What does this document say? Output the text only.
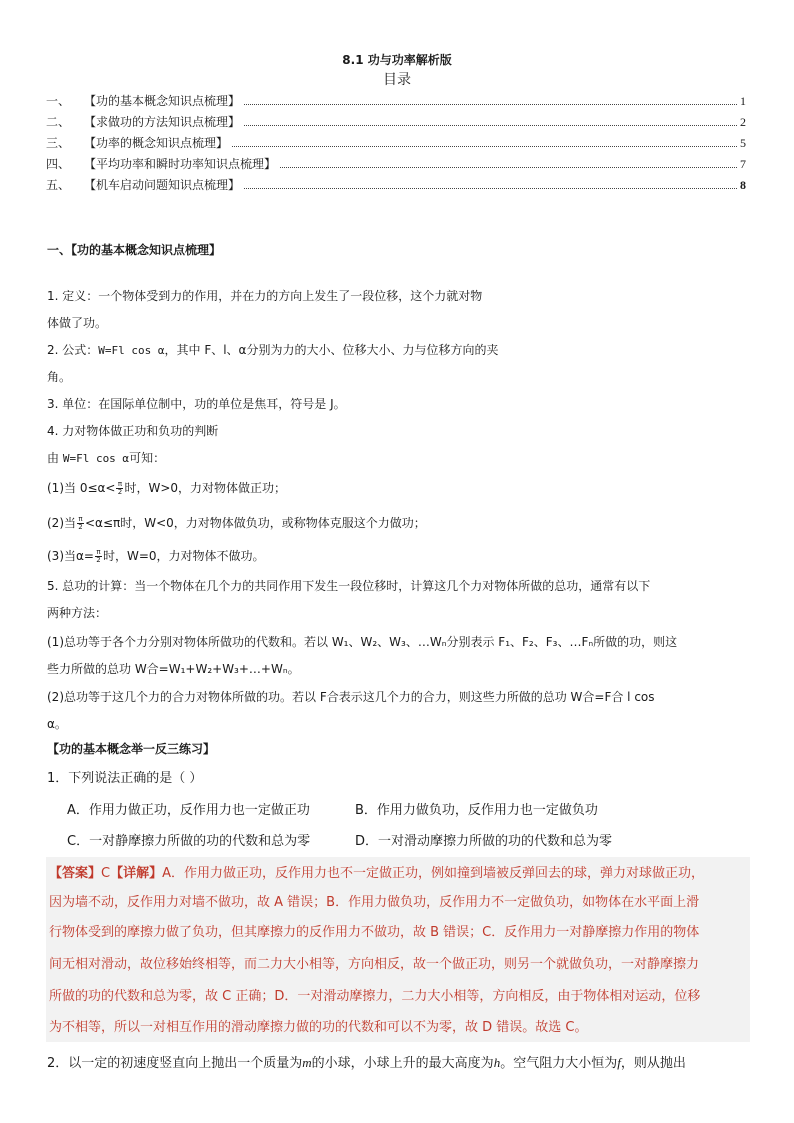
8.1 功与功率解析版
目录
一、	【功的基本概念知识点梳理】	1
二、	【求做功的方法知识点梳理】	2
三、	【功率的概念知识点梳理】	5
四、	【平均功率和瞬时功率知识点梳理】	7
五、	【机车启动问题知识点梳理】	8
一、【功的基本概念知识点梳理】
1. 定义：一个物体受到力的作用，并在力的方向上发生了一段位移，这个力就对物
体做了功。
2. 公式：W=Fl cos α，其中 F、l、α分别为力的大小、位移大小、力与位移方向的夹
角。
3. 单位：在国际单位制中，功的单位是焦耳，符号是 J。
4. 力对物体做正功和负功的判断
由 W=Fl cos α可知：
(1)当 $0\le\alpha< \frac{\pi}{2}$ 时，W>0，力对物体做正功；
(2)当 $\frac{\pi}{2} <\alpha\le\pi$时，W<0，力对物体做负功，或称物体克服这个力做功；
(3)当$\alpha= \frac{\pi}{2}$ 时，W=0，力对物体不做功。
5. 总功的计算：当一个物体在几个力的共同作用下发生一段位移时，计算这几个力对物体所做的总功，通常有以下
两种方法：
(1)总功等于各个力分别对物体所做功的代数和。若以 W₁、W₂、W₃、…Wₙ分别表示 F₁、F₂、F₃、…Fₙ所做的功，则这
些力所做的总功 W合=W₁+W₂+W₃+…+Wₙ。
(2)总功等于这几个力的合力对物体所做的功。若以 F合表示这几个力的合力，则这些力所做的总功 W合=F合 l cos
α。
【功的基本概念举一反三练习】
1．下列说法正确的是（ ）
A．作用力做正功，反作用力也一定做正功	B．作用力做负功，反作用力也一定做负功
C．一对静摩擦力所做的功的代数和总为零	D．一对滑动摩擦力所做的功的代数和总为零
【答案】C【详解】A．作用力做正功，反作用力也不一定做正功，例如撞到墙被反弹回去的球，弹力对球做正功，
因为墙不动，反作用力对墙不做功，故 A 错误；B．作用力做负功，反作用力不一定做负功，如物体在水平面上滑
行物体受到的摩擦力做了负功，但其摩擦力的反作用力不做功，故 B 错误；C．反作用力一对静摩擦力作用的物体
间无相对滑动，故位移始终相等，而二力大小相等，方向相反，故一个做正功，则另一个就做负功，一对静摩擦力
所做的功的代数和总为零，故 C 正确；D．一对滑动摩擦力，二力大小相等，方向相反，由于物体相对运动，位移
为不相等，所以一对相互作用的滑动摩擦力做的功的代数和可以不为零，故 D 错误。故选 C。
2．以一定的初速度竖直向上抛出一个质量为m的小球，小球上升的最大高度为h。空气阻力大小恒为f，则从抛出
